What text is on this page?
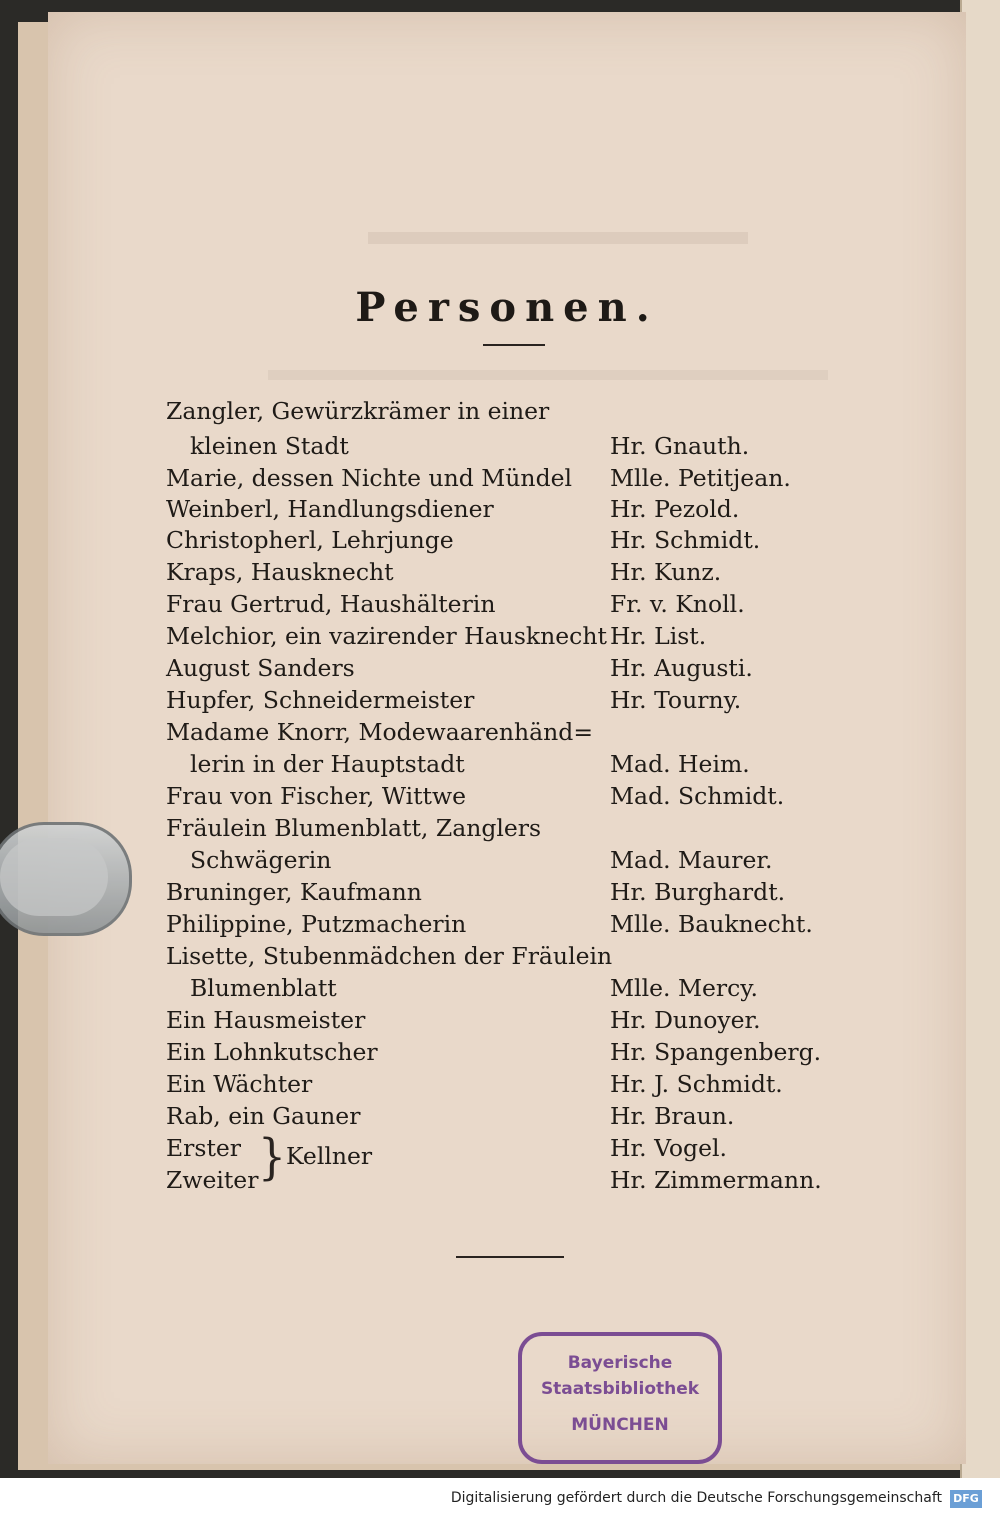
Personen.
Zangler, Gewürzkrämer in einer
kleinen Stadt	Hr. Gnauth.
Marie, dessen Nichte und Mündel Mlle. Petitjean.
Weinberl, Handlungsdiener	Hr. Pezold.
Christopherl, Lehrjunge	Hr. Schmidt.
Kraps, Hausknecht	Hr. Kunz.
Frau Gertrud, Haushälterin	Fr. v. Knoll.
Melchior, ein vazirender Hausknecht Hr. List.
August Sanders	Hr. Augusti.
Hupfer, Schneidermeister	Hr. Tourny.
Madame Knorr, Modewaarenhänd=
lerin in der Hauptstadt	Mad. Heim.
Frau von Fischer, Wittwe	Mad. Schmidt.
Fräulein Blumenblatt, Zanglers
Schwägerin	Mad. Maurer.
Bruninger, Kaufmann	Hr. Burghardt.
Philippine, Putzmacherin	Mlle. Bauknecht.
Lisette, Stubenmädchen der Fräulein
Blumenblatt	Mlle. Mercy.
Ein Hausmeister	Hr. Dunoyer.
Ein Lohnkutscher	Hr. Spangenberg.
Ein Wächter	Hr. J. Schmidt.
Rab, ein Gauner	Hr. Braun.
Erster	Hr. Vogel.
Zweiter	Hr. Zimmermann.
} Kellner
Bayerische
Staatsbibliothek
MÜNCHEN
Digitalisierung gefördert durch die Deutsche Forschungsgemeinschaft DFG
